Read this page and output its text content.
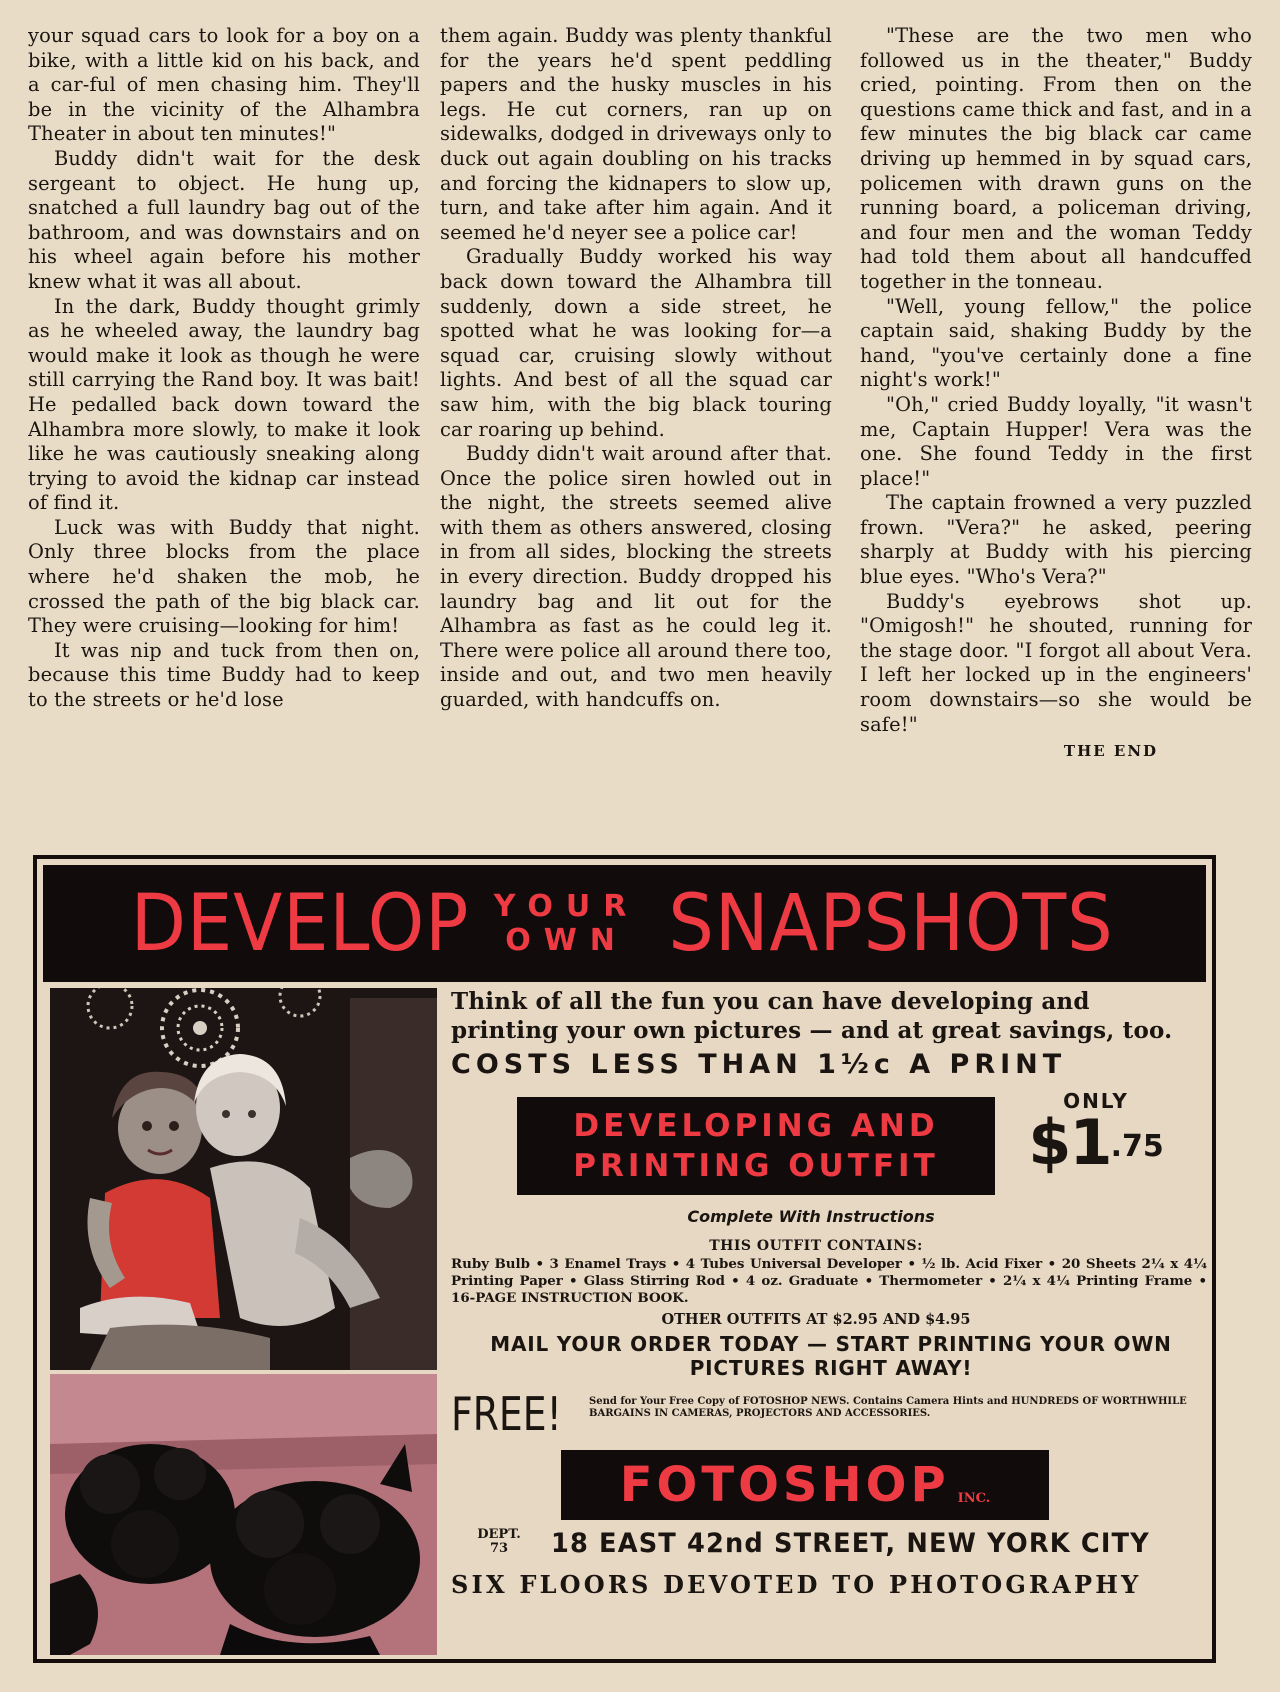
your squad cars to look for a boy on a bike, with a little kid on his back, and a car-ful of men chasing him. They'll be in the vicinity of the Alhambra Theater in about ten minutes!"

Buddy didn't wait for the desk sergeant to object. He hung up, snatched a full laundry bag out of the bathroom, and was downstairs and on his wheel again before his mother knew what it was all about.

In the dark, Buddy thought grimly as he wheeled away, the laundry bag would make it look as though he were still carrying the Rand boy. It was bait! He pedalled back down toward the Alhambra more slowly, to make it look like he was cautiously sneaking along trying to avoid the kidnap car instead of find it.

Luck was with Buddy that night. Only three blocks from the place where he'd shaken the mob, he crossed the path of the big black car. They were cruising—looking for him!

It was nip and tuck from then on, because this time Buddy had to keep to the streets or he'd lose

them again. Buddy was plenty thankful for the years he'd spent peddling papers and the husky muscles in his legs. He cut corners, ran up on sidewalks, dodged in driveways only to duck out again doubling on his tracks and forcing the kidnapers to slow up, turn, and take after him again. And it seemed he'd neyer see a police car!

Gradually Buddy worked his way back down toward the Alhambra till suddenly, down a side street, he spotted what he was looking for—a squad car, cruising slowly without lights. And best of all the squad car saw him, with the big black touring car roaring up behind.

Buddy didn't wait around after that. Once the police siren howled out in the night, the streets seemed alive with them as others answered, closing in from all sides, blocking the streets in every direction. Buddy dropped his laundry bag and lit out for the Alhambra as fast as he could leg it. There were police all around there too, inside and out, and two men heavily guarded, with handcuffs on.

"These are the two men who followed us in the theater," Buddy cried, pointing. From then on the questions came thick and fast, and in a few minutes the big black car came driving up hemmed in by squad cars, policemen with drawn guns on the running board, a policeman driving, and four men and the woman Teddy had told them about all handcuffed together in the tonneau.

"Well, young fellow," the police captain said, shaking Buddy by the hand, "you've certainly done a fine night's work!"

"Oh," cried Buddy loyally, "it wasn't me, Captain Hupper! Vera was the one. She found Teddy in the first place!"

The captain frowned a very puzzled frown. "Vera?" he asked, peering sharply at Buddy with his piercing blue eyes. "Who's Vera?"

Buddy's eyebrows shot up. "Omigosh!" he shouted, running for the stage door. "I forgot all about Vera. I left her locked up in the engineers' room downstairs—so she would be safe!"

THE END
DEVELOP YOUR
OWN SNAPSHOTS

Think of all the fun you can have developing and printing your own pictures — and at great savings, too.

COSTS LESS THAN 1½c A PRINT

DEVELOPING AND
PRINTING OUTFIT
ONLY
$\$1^{.75}$

Complete With Instructions

THIS OUTFIT CONTAINS:

Ruby Bulb • 3 Enamel Trays • 4 Tubes Universal Developer • ½ lb. Acid Fixer • 20 Sheets 2¼ x 4¼ Printing Paper • Glass Stirring Rod • 4 oz. Graduate • Thermometer • 2¼ x 4¼ Printing Frame • 16-PAGE INSTRUCTION BOOK.

OTHER OUTFITS AT $2.95 AND $4.95

MAIL YOUR ORDER TODAY — START PRINTING YOUR OWN PICTURES RIGHT AWAY!

FREE!	Send for Your Free Copy of FOTOSHOP NEWS. Contains Camera Hints and HUNDREDS OF WORTHWHILE BARGAINS IN CAMERAS, PROJECTORS AND ACCESSORIES.
FOTOSHOP INC.
DEPT.
73	18 EAST 42nd STREET, NEW YORK CITY

SIX FLOORS DEVOTED TO PHOTOGRAPHY
